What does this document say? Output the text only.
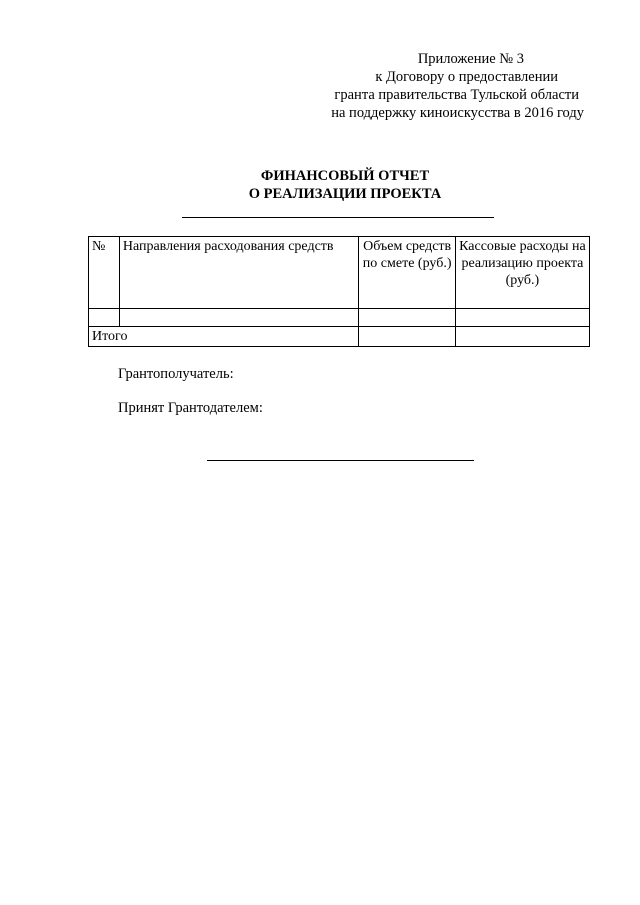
Приложение № 3
к Договору о предоставлении
гранта правительства Тульской области
на поддержку киноискусства в 2016 году
ФИНАНСОВЫЙ ОТЧЕТ
О РЕАЛИЗАЦИИ ПРОЕКТА
№	Направления расходования средств	Объем средств по смете (руб.)	Кассовые расходы на реализацию проекта (руб.)

Итого			
Грантополучатель:
Принят Грантодателем:
